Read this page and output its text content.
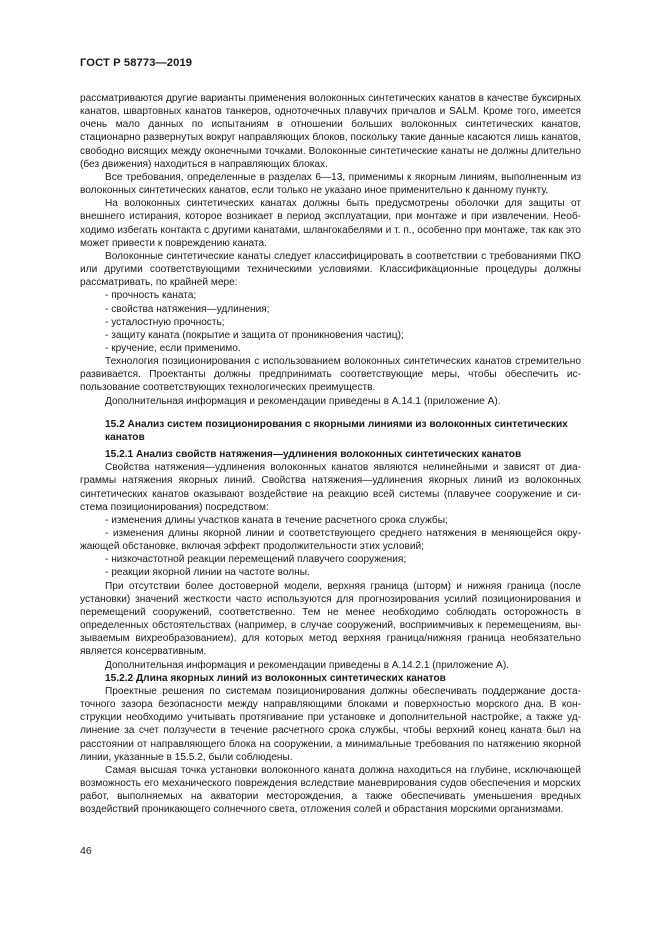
ГОСТ Р 58773—2019

рассматриваются другие варианты применения волоконных синтетических канатов в качестве буксирных канатов, швартовных канатов танкеров, одноточечных плавучих причалов и SALM. Кроме того, имеется очень мало данных по испытаниям в отношении больших волоконных синтетических канатов, стационарно развернутых вокруг направляющих блоков, поскольку такие данные касаются лишь канатов, свободно висящих между оконечными точками. Волоконные синтетические канаты не должны длительно (без движения) находиться в направляющих блоках.

Все требования, определенные в разделах 6—13, применимы к якорным линиям, выполненным из волоконных синтетических канатов, если только не указано иное применительно к данному пункту.

На волоконных синтетических канатах должны быть предусмотрены оболочки для защиты от внешнего истирания, которое возникает в период эксплуатации, при монтаже и при извлечении. Необходимо избегать контакта с другими канатами, шлангокабелями и т. п., особенно при монтаже, так как это может привести к повреждению каната.

Волоконные синтетические канаты следует классифицировать в соответствии с требованиями ПКО или другими соответствующими техническими условиями. Классификационные процедуры должны рассматривать, по крайней мере:

- прочность каната;
- свойства натяжения—удлинения;
- усталостную прочность;
- защиту каната (покрытие и защита от проникновения частиц);
- кручение, если применимо.

Технология позиционирования с использованием волоконных синтетических канатов стремительно развивается. Проектанты должны предпринимать соответствующие меры, чтобы обеспечить использование соответствующих технологических преимуществ.

Дополнительная информация и рекомендации приведены в А.14.1 (приложение А).

15.2 Анализ систем позиционирования с якорными линиями из волоконных синтетических канатов

15.2.1 Анализ свойств натяжения—удлинения волоконных синтетических канатов

Свойства натяжения—удлинения волоконных канатов являются нелинейными и зависят от диаграммы натяжения якорных линий. Свойства натяжения—удлинения якорных линий из волоконных синтетических канатов оказывают воздействие на реакцию всей системы (плавучее сооружение и система позиционирования) посредством:

- изменения длины участков каната в течение расчетного срока службы;
- изменения длины якорной линии и соответствующего среднего натяжения в меняющейся окружающей обстановке, включая эффект продолжительности этих условий;
- низкочастотной реакции перемещений плавучего сооружения;
- реакции якорной линии на частоте волны.

При отсутствии более достоверной модели, верхняя граница (шторм) и нижняя граница (после установки) значений жесткости часто используются для прогнозирования усилий позиционирования и перемещений сооружений, соответственно. Тем не менее необходимо соблюдать осторожность в определенных обстоятельствах (например, в случае сооружений, восприимчивых к перемещениям, вызываемым вихреобразованием), для которых метод верхняя граница/нижняя граница необязательно является консервативным.

Дополнительная информация и рекомендации приведены в А.14.2.1 (приложение А).

15.2.2 Длина якорных линий из волоконных синтетических канатов

Проектные решения по системам позиционирования должны обеспечивать поддержание достаточного зазора безопасности между направляющими блоками и поверхностью морского дна. В конструкции необходимо учитывать протягивание при установке и дополнительной настройке, а также удлинение за счет ползучести в течение расчетного срока службы, чтобы верхний конец каната был на расстоянии от направляющего блока на сооружении, а минимальные требования по натяжению якорной линии, указанные в 15.5.2, были соблюдены.

Самая высшая точка установки волоконного каната должна находиться на глубине, исключающей возможность его механического повреждения вследствие маневрирования судов обеспечения и морских работ, выполняемых на акватории месторождения, а также обеспечивать уменьшения вредных воздействий проникающего солнечного света, отложения солей и обрастания морскими организмами.

46
